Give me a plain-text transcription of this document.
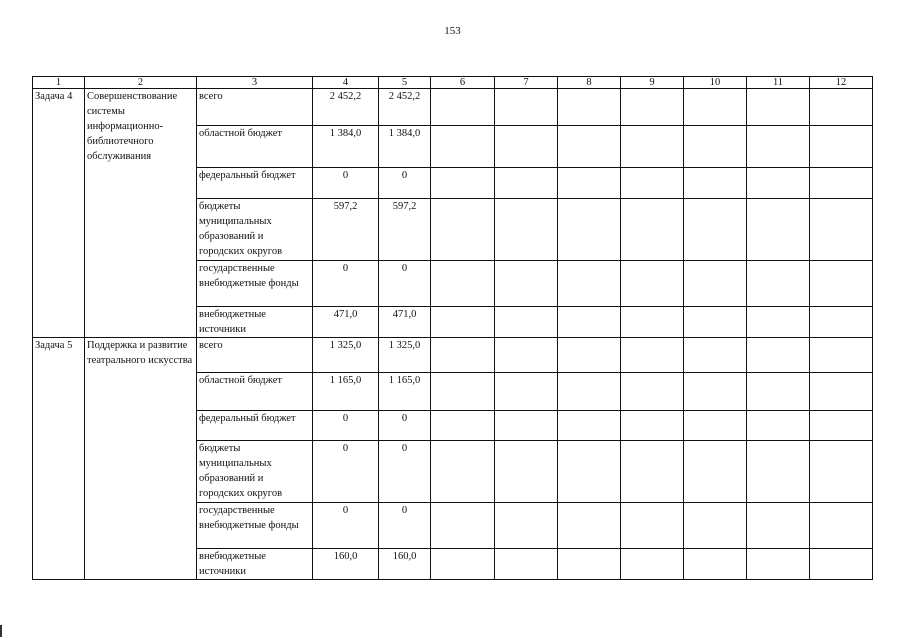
153
1	2	3	4	5	6	7	8	9	10	11	12
Задача 4	Совершенствование системы информационно-библиотечного обслуживания	всего	2 452,2	2 452,2							
		областной бюджет	1 384,0	1 384,0							
		федеральный бюджет	0	0							
		бюджеты муниципальных образований и городских округов	597,2	597,2							
		государственные внебюджетные фонды	0	0							
		внебюджетные источники	471,0	471,0							
Задача 5	Поддержка и развитие театрального искусства	всего	1 325,0	1 325,0							
		областной бюджет	1 165,0	1 165,0							
		федеральный бюджет	0	0							
		бюджеты муниципальных образований и городских округов	0	0							
		государственные внебюджетные фонды	0	0							
		внебюджетные источники	160,0	160,0							
